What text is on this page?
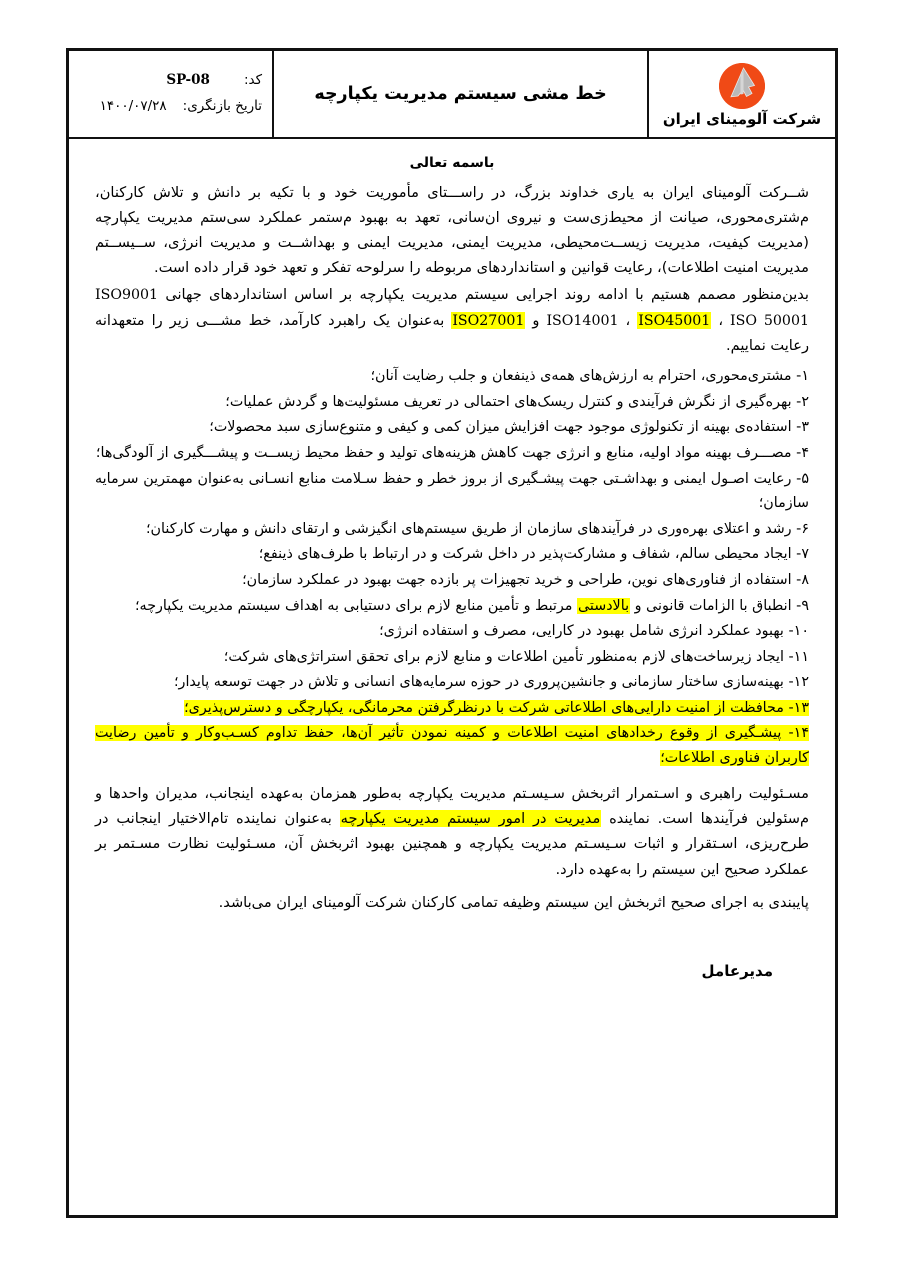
شرکت آلومینای ایران
خط مشی سیستم مدیریت یکپارچه
کد:
SP-08
تاریخ بازنگری:
۱۴۰۰/۰۷/۲۸
باسمه تعالی

شــرکت آلومینای ایران به یاری خداوند بزرگ، در راســـتای مأموریت خود و با تکیه بر دانش و تلاش کارکنان، م‌شتری‌محوری، صیانت از محیط‌زی‌ست و نیروی ان‌سانی، تعهد به بهبود م‌ستمر عملکرد سی‌ستم مدیریت یکپارچه (مدیریت کیفیت، مدیریت زیســت‌محیطی، مدیریت ایمنی، مدیریت ایمنی و بهداشــت و مدیریت انرژی، ســیســتم مدیریت امنیت اطلاعات)، رعایت قوانین و استانداردهای مربوطه را سرلوحه تفکر و تعهد خود قرار داده است.

بدین‌منظور مصمم هستیم با ادامه روند اجرایی سیستم مدیریت یکپارچه بر اساس استانداردهای جهانی ISO9001 ISO14001 ، ISO45001 ، ISO 50001 و ISO27001 به‌عنوان یک راهبرد کارآمد، خط مشـــی زیر را متعهدانه رعایت نماییم.

۱- مشتری‌محوری، احترام به ارزش‌های همه‌ی ذینفعان و جلب رضایت آنان؛
۲- بهره‌گیری از نگرش فرآیندی و کنترل ریسک‌های احتمالی در تعریف مسئولیت‌ها و گردش عملیات؛
۳- استفاده‌ی بهینه از تکنولوژی موجود جهت افزایش میزان کمی و کیفی و متنوع‌سازی سبد محصولات؛
۴- مصـــرف بهینه مواد اولیه، منابع و انرژی جهت کاهش هزینه‌های تولید و حفظ محیط زیســت و پیشـــگیری از آلودگی‌ها؛
۵- رعایت اصـول ایمنی و بهداشـتی جهت پیشـگیری از بروز خطر و حفظ سـلامت منابع انسـانی به‌عنوان مهمترین سرمایه سازمان؛
۶- رشد و اعتلای بهره‌وری در فرآیندهای سازمان از طریق سیستم‌های انگیزشی و ارتقای دانش و مهارت کارکنان؛
۷- ایجاد محیطی سالم، شفاف و مشارکت‌پذیر در داخل شرکت و در ارتباط با طرف‌های ذینفع؛
۸- استفاده از فناوری‌های نوین، طراحی و خرید تجهیزات پر بازده جهت بهبود در عملکرد سازمان؛
۹- انطباق با الزامات قانونی و بالادستی مرتبط و تأمین منابع لازم برای دستیابی به اهداف سیستم مدیریت یکپارچه؛
۱۰- بهبود عملکرد انرژی شامل بهبود در کارایی، مصرف و استفاده انرژی؛
۱۱- ایجاد زیرساخت‌های لازم به‌منظور تأمین اطلاعات و منابع لازم برای تحقق استراتژی‌های شرکت؛
۱۲- بهینه‌سازی ساختار سازمانی و جانشین‌پروری در حوزه سرمایه‌های انسانی و تلاش در جهت توسعه پایدار؛
۱۳- محافظت از امنیت دارایی‌های اطلاعاتی شرکت با درنظرگرفتن محرمانگی، یکپارچگی و دسترس‌پذیری؛
۱۴- پیشـگیری از وقوع رخدادهای امنیت اطلاعات و کمینه نمودن تأثیر آن‌ها، حفظ تداوم کسـب‌وکار و تأمین رضایت کاربران فناوری اطلاعات؛

مسـئولیت راهبری و اسـتمرار اثربخش سـیسـتم مدیریت یکپارچه به‌طور همزمان به‌عهده اینجانب، مدیران واحدها و م‌سئولین فرآیندها است. نماینده مدیریت در امور سیستم مدیریت یکپارچه به‌عنوان نماینده تام‌الاختیار اینجانب در طرح‌ریزی، اسـتقرار و اثبات سـیسـتم مدیریت یکپارچه و همچنین بهبود اثربخش آن، مسـئولیت نظارت مسـتمر بر عملکرد صحیح این سیستم را به‌عهده دارد.

پایبندی به اجرای صحیح اثربخش این سیستم وظیفه تمامی کارکنان شرکت آلومینای ایران می‌باشد.

مدیرعامل
